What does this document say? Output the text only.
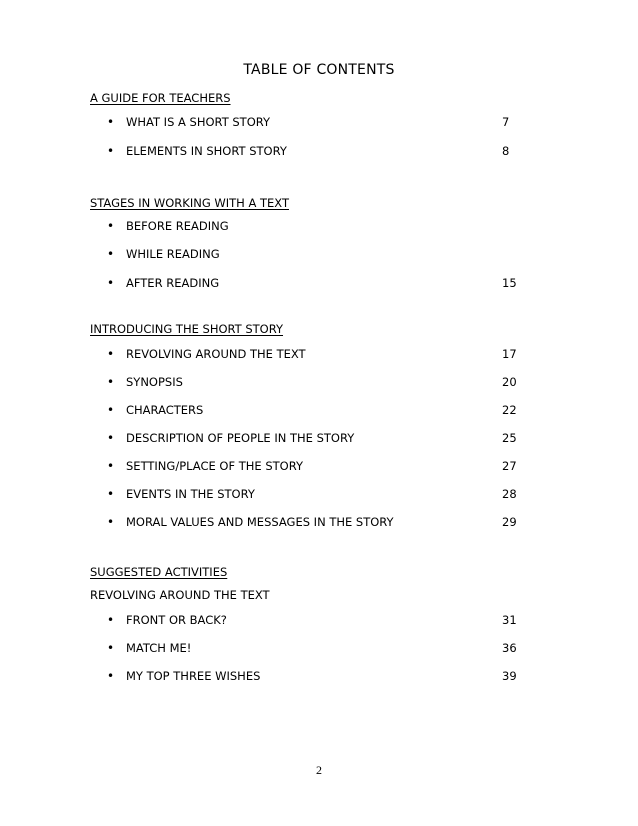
TABLE OF CONTENTS
A GUIDE FOR TEACHERS
• WHAT IS A SHORT STORY	7
• ELEMENTS IN SHORT STORY	8
STAGES IN WORKING WITH A TEXT
• BEFORE READING
• WHILE READING
• AFTER READING	15
INTRODUCING THE SHORT STORY
• REVOLVING AROUND THE TEXT	17
• SYNOPSIS	20
• CHARACTERS	22
• DESCRIPTION OF PEOPLE IN THE STORY	25
• SETTING/PLACE OF THE STORY	27
• EVENTS IN THE STORY	28
• MORAL VALUES AND MESSAGES IN THE STORY	29
SUGGESTED ACTIVITIES
REVOLVING AROUND THE TEXT
• FRONT OR BACK?	31
• MATCH ME!	36
• MY TOP THREE WISHES	39
2
